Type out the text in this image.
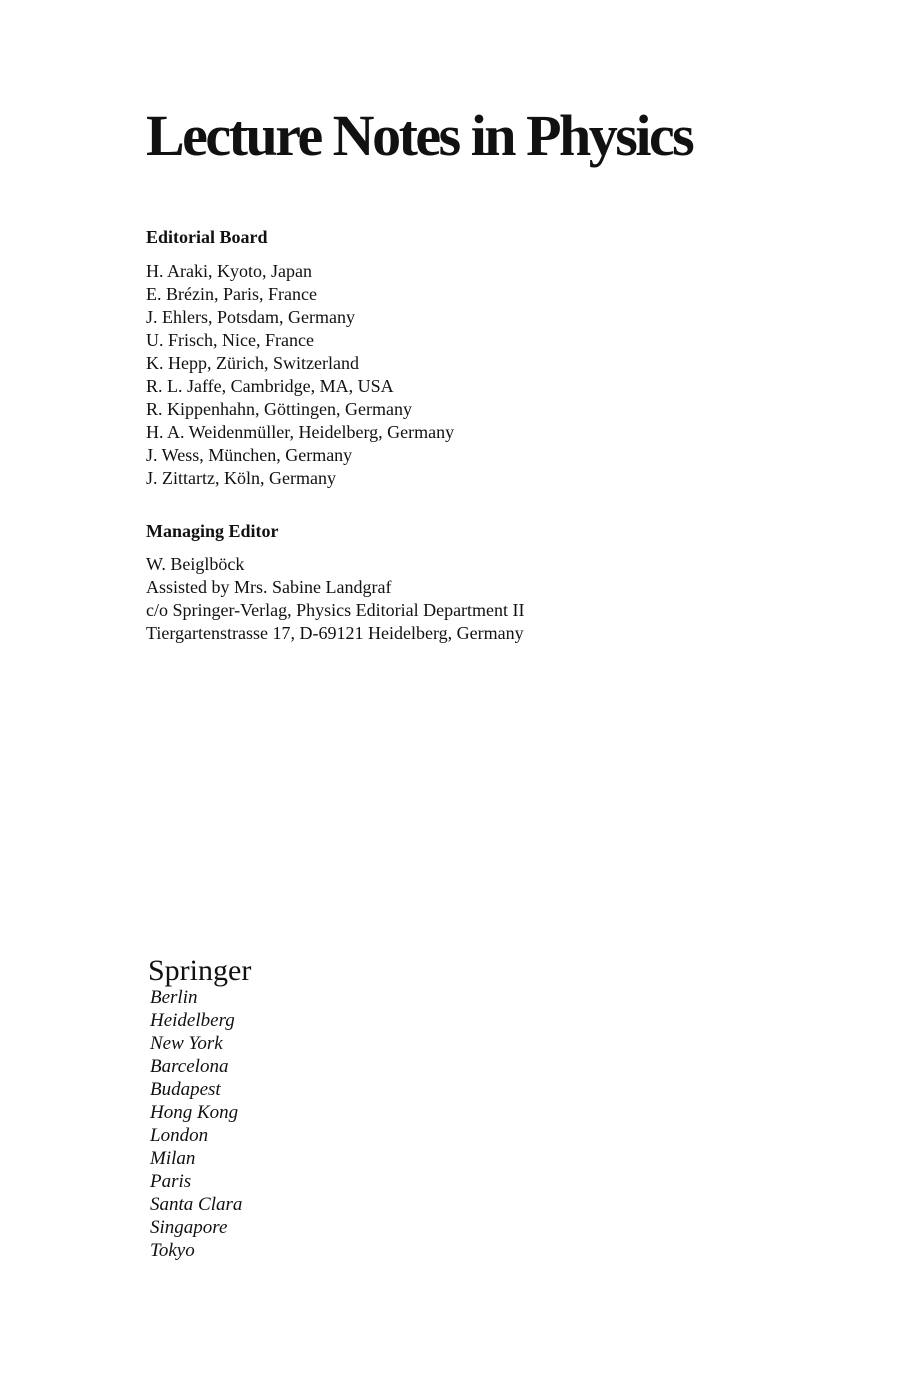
Lecture Notes in Physics
Editorial Board
H. Araki, Kyoto, Japan
E. Brézin, Paris, France
J. Ehlers, Potsdam, Germany
U. Frisch, Nice, France
K. Hepp, Zürich, Switzerland
R. L. Jaffe, Cambridge, MA, USA
R. Kippenhahn, Göttingen, Germany
H. A. Weidenmüller, Heidelberg, Germany
J. Wess, München, Germany
J. Zittartz, Köln, Germany
Managing Editor
W. Beiglböck
Assisted by Mrs. Sabine Landgraf
c/o Springer-Verlag, Physics Editorial Department II
Tiergartenstrasse 17, D-69121 Heidelberg, Germany
Springer
Berlin
Heidelberg
New York
Barcelona
Budapest
Hong Kong
London
Milan
Paris
Santa Clara
Singapore
Tokyo
